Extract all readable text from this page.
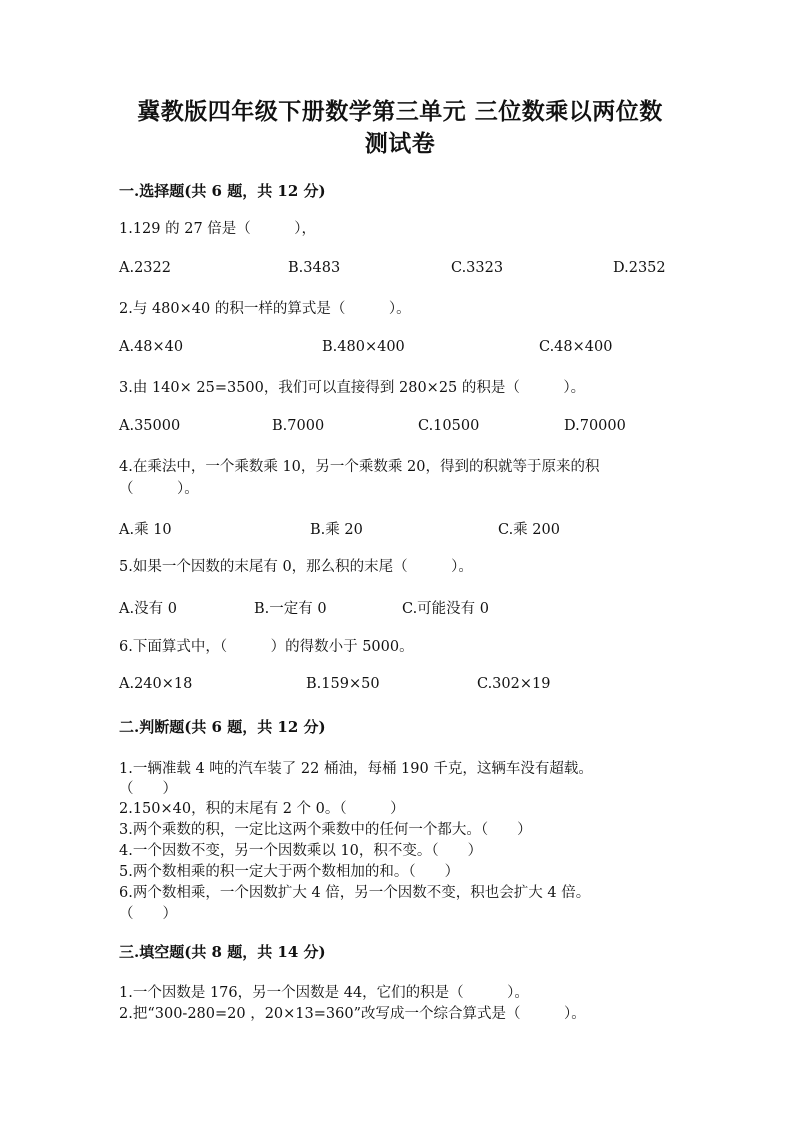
冀教版四年级下册数学第三单元 三位数乘以两位数
测试卷
一.选择题(共 6 题，共 12 分)
1.129 的 27 倍是（　　　），
A.2322	B.3483	C.3323	D.2352
2.与 480×40 的积一样的算式是（　　　）。
A.48×40	B.480×400	C.48×400
3.由 140× 25=3500，我们可以直接得到 280×25 的积是（　　　）。
A.35000	B.7000	C.10500	D.70000
4.在乘法中，一个乘数乘 10，另一个乘数乘 20，得到的积就等于原来的积
（　　　）。
A.乘 10	B.乘 20	C.乘 200
5.如果一个因数的末尾有 0，那么积的末尾（　　　）。
A.没有 0	B.一定有 0	C.可能没有 0
6.下面算式中，（　　　）的得数小于 5000。
A.240×18	B.159×50	C.302×19
二.判断题(共 6 题，共 12 分)
1.一辆准载 4 吨的汽车装了 22 桶油，每桶 190 千克，这辆车没有超载。
（　　）
2.150×40，积的末尾有 2 个 0。（　　　）
3.两个乘数的积，一定比这两个乘数中的任何一个都大。（　　）
4.一个因数不变，另一个因数乘以 10，积不变。（　　）
5.两个数相乘的积一定大于两个数相加的和。（　　）
6.两个数相乘，一个因数扩大 4 倍，另一个因数不变，积也会扩大 4 倍。
（　　）
三.填空题(共 8 题，共 14 分)
1.一个因数是 176，另一个因数是 44，它们的积是（　　　）。
2.把“300-280=20 ，20×13=360”改写成一个综合算式是（　　　）。
